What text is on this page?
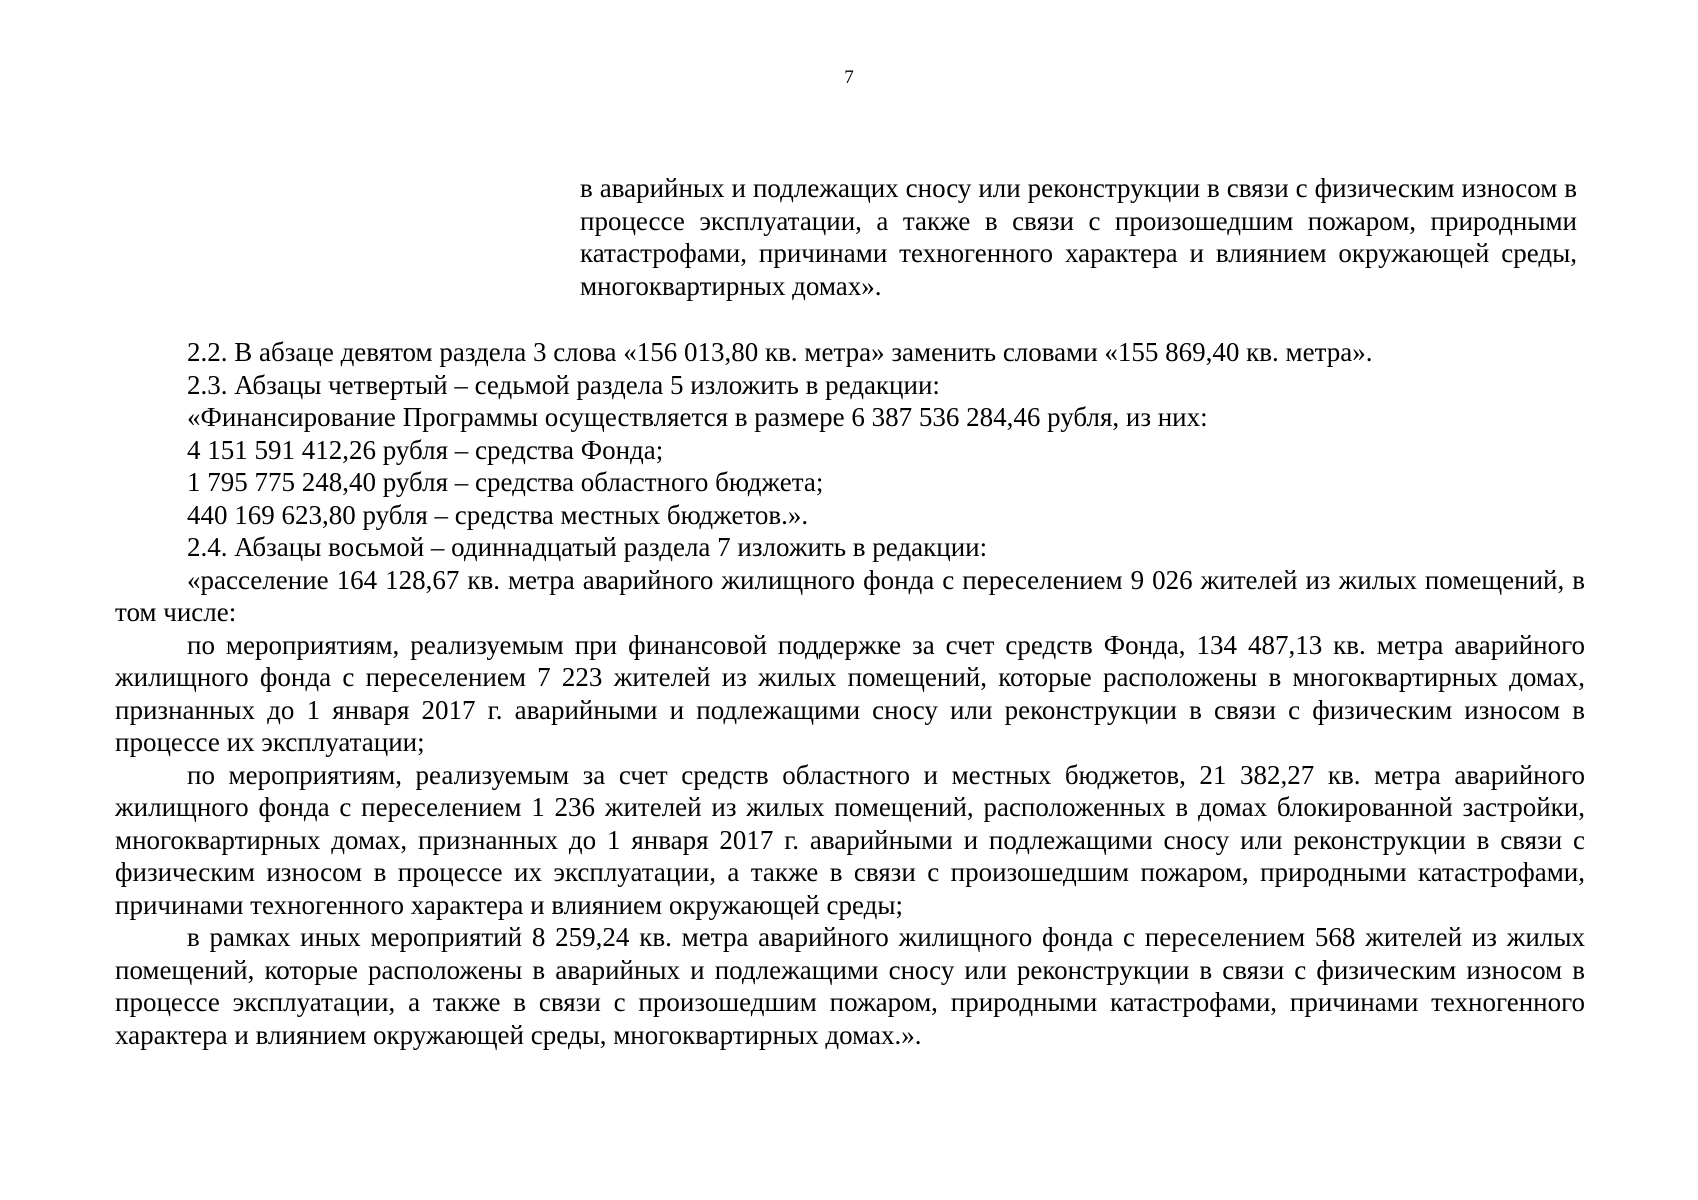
7

в аварийных и подлежащих сносу или реконструкции в связи с физическим износом в процессе эксплуатации, а также в связи с произошедшим пожаром, природными катастрофами, причинами техногенного характера и влиянием окружающей среды, многоквартирных домах».

2.2. В абзаце девятом раздела 3 слова «156 013,80 кв. метра» заменить словами «155 869,40 кв. метра».

2.3. Абзацы четвертый – седьмой раздела 5 изложить в редакции:

«Финансирование Программы осуществляется в размере 6 387 536 284,46 рубля, из них:

4 151 591 412,26 рубля – средства Фонда;

1 795 775 248,40 рубля – средства областного бюджета;

440 169 623,80 рубля – средства местных бюджетов.».

2.4. Абзацы восьмой – одиннадцатый раздела 7 изложить в редакции:

«расселение 164 128,67 кв. метра аварийного жилищного фонда с переселением 9 026 жителей из жилых помещений, в том числе:

по мероприятиям, реализуемым при финансовой поддержке за счет средств Фонда, 134 487,13 кв. метра аварийного жилищного фонда с переселением 7 223 жителей из жилых помещений, которые расположены в многоквартирных домах, признанных до 1 января 2017 г. аварийными и подлежащими сносу или реконструкции в связи с физическим износом в процессе их эксплуатации;

по мероприятиям, реализуемым за счет средств областного и местных бюджетов, 21 382,27 кв. метра аварийного жилищного фонда с переселением 1 236 жителей из жилых помещений, расположенных в домах блокированной застройки, многоквартирных домах, признанных до 1 января 2017 г. аварийными и подлежащими сносу или реконструкции в связи с физическим износом в процессе их эксплуатации, а также в связи с произошедшим пожаром, природными катастрофами, причинами техногенного характера и влиянием окружающей среды;

в рамках иных мероприятий 8 259,24 кв. метра аварийного жилищного фонда с переселением 568 жителей из жилых помещений, которые расположены в аварийных и подлежащими сносу или реконструкции в связи с физическим износом в процессе эксплуатации, а также в связи с произошедшим пожаром, природными катастрофами, причинами техногенного характера и влиянием окружающей среды, многоквартирных домах.».
